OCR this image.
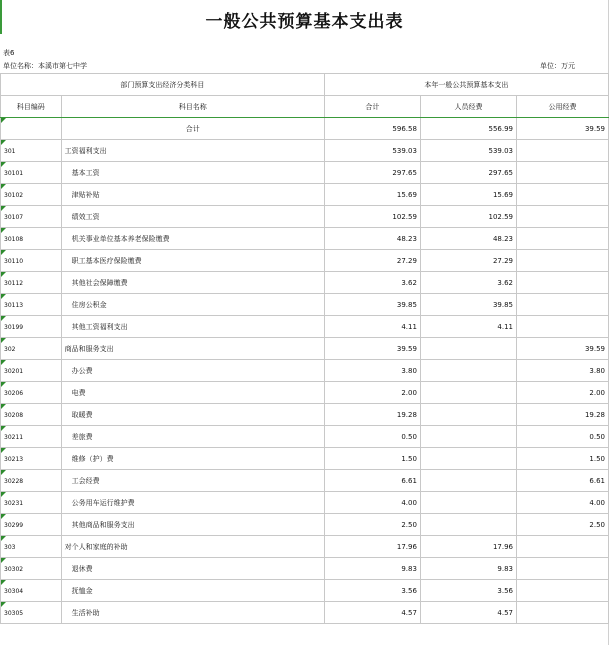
一般公共预算基本支出表
表6
单位名称：本溪市第七中学	单位：万元
部门预算支出经济分类科目		本年一般公共预算基本支出		
科目编码	科目名称	合计	人员经费	公用经费

	合计	596.58	556.99	39.59

301	工资福利支出	539.03	539.03	

30101	基本工资	297.65	297.65	

30102	津贴补贴	15.69	15.69	

30107	绩效工资	102.59	102.59	

30108	机关事业单位基本养老保险缴费	48.23	48.23	

30110	职工基本医疗保险缴费	27.29	27.29	

30112	其他社会保障缴费	3.62	3.62	

30113	住房公积金	39.85	39.85	

30199	其他工资福利支出	4.11	4.11	

302	商品和服务支出	39.59		39.59

30201	办公费	3.80		3.80

30206	电费	2.00		2.00

30208	取暖费	19.28		19.28

30211	差旅费	0.50		0.50

30213	维修（护）费	1.50		1.50

30228	工会经费	6.61		6.61

30231	公务用车运行维护费	4.00		4.00

30299	其他商品和服务支出	2.50		2.50

303	对个人和家庭的补助	17.96	17.96	

30302	退休费	9.83	9.83	

30304	抚恤金	3.56	3.56	

30305	生活补助	4.57	4.57	
